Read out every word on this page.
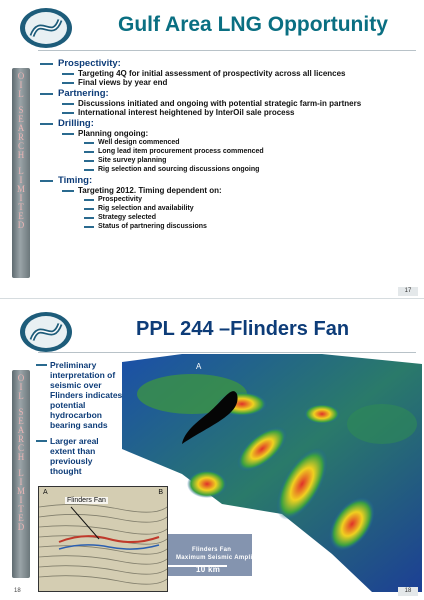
Gulf Area LNG Opportunity
O
I
L
S
E
A
R
C
H
L
I
M
I
T
E
D
Prospectivity:
Targeting 4Q for initial assessment of prospectivity across all licences
Final views by year end
Partnering:
Discussions initiated and ongoing with potential strategic farm-in partners
International interest heightened by InterOil sale process
Drilling:
Planning ongoing:
Well design commenced
Long lead item procurement process commenced
Site survey planning
Rig selection and sourcing discussions ongoing
Timing:
Targeting 2012. Timing dependent on:
Prospectivity
Rig selection and availability
Strategy selected
Status of partnering discussions
17
PPL 244 –Flinders Fan
O
I
L
S
E
A
R
C
H
L
I
M
I
T
E
D
Preliminary interpretation of seismic over Flinders indicates potential hydrocarbon bearing sands
Larger areal extent than previously thought
A
B
Flinders Fan
Maximum Seismic Amplitude
10 km
Flinders Fan
A	B
18	18
